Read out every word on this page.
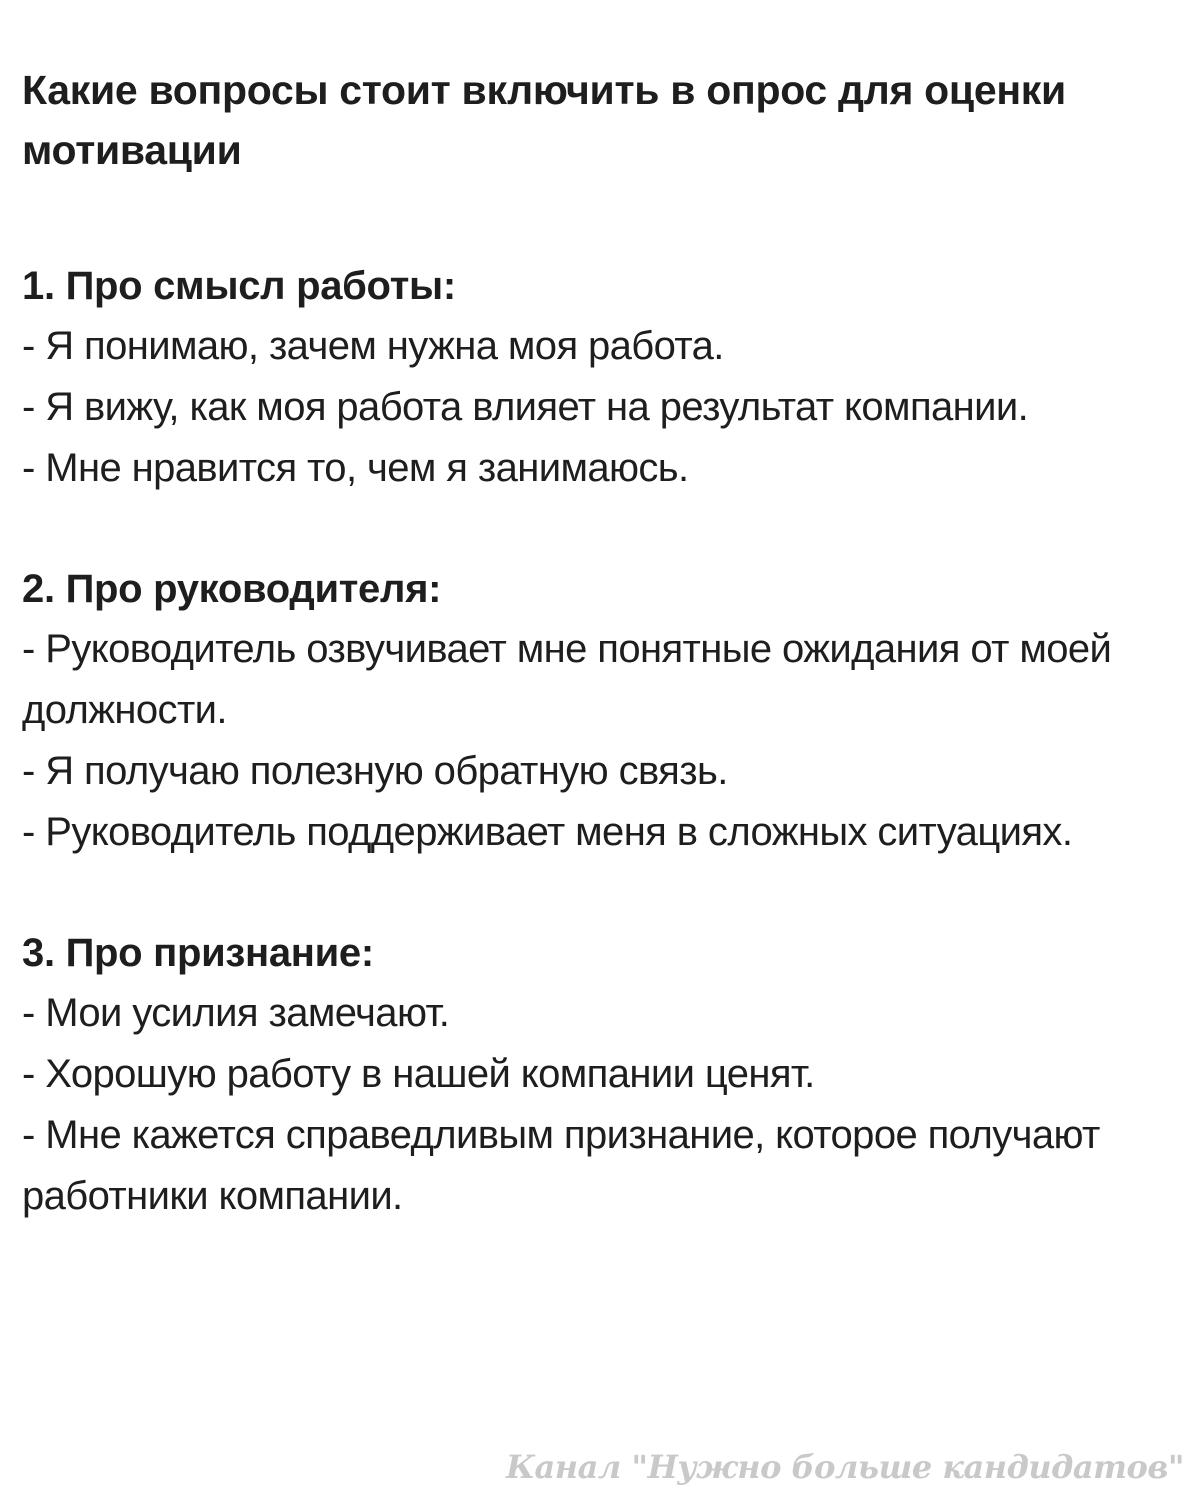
Какие вопросы стоит включить в опрос для оценки мотивации
1. Про смысл работы:

- Я понимаю, зачем нужна моя работа.

- Я вижу, как моя работа влияет на результат компании.

- Мне нравится то, чем я занимаюсь.

2. Про руководителя:

- Руководитель озвучивает мне понятные ожидания от моей должности.

- Я получаю полезную обратную связь.

- Руководитель поддерживает меня в сложных ситуациях.

3. Про признание:

- Мои усилия замечают.

- Хорошую работу в нашей компании ценят.

- Мне кажется справедливым признание, которое получают работники компании.

Канал "Нужно больше кандидатов"
